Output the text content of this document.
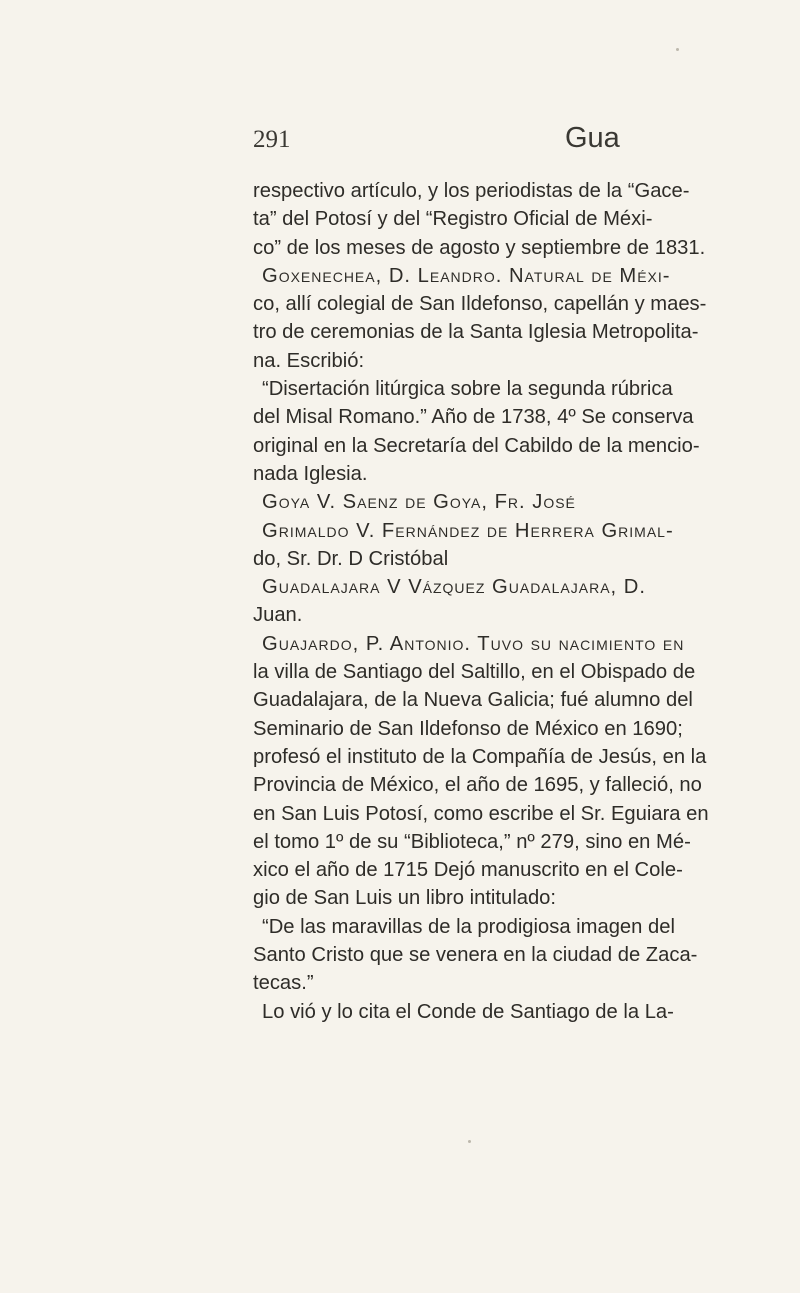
291	Gua
respectivo artículo, y los periodistas de la “Gace-
ta” del Potosí y del “Registro Oficial de Méxi-
co” de los meses de agosto y septiembre de 1831.
Goxenechea, D. Leandro. Natural de Méxi-
co, allí colegial de San Ildefonso, capellán y maes-
tro de ceremonias de la Santa Iglesia Metropolita-
na. Escribió:
“Disertación litúrgica sobre la segunda rúbrica
del Misal Romano.” Año de 1738, 4º Se conserva
original en la Secretaría del Cabildo de la mencio-
nada Iglesia.
Goya V. Saenz de Goya, Fr. José
Grimaldo V. Fernández de Herrera Grimal-
do, Sr. Dr. D Cristóbal
Guadalajara V Vázquez Guadalajara, D.
Juan.
Guajardo, P. Antonio. Tuvo su nacimiento en
la villa de Santiago del Saltillo, en el Obispado de
Guadalajara, de la Nueva Galicia; fué alumno del
Seminario de San Ildefonso de México en 1690;
profesó el instituto de la Compañía de Jesús, en la
Provincia de México, el año de 1695, y falleció, no
en San Luis Potosí, como escribe el Sr. Eguiara en
el tomo 1º de su “Biblioteca,” nº 279, sino en Mé-
xico el año de 1715 Dejó manuscrito en el Cole-
gio de San Luis un libro intitulado:
“De las maravillas de la prodigiosa imagen del
Santo Cristo que se venera en la ciudad de Zaca-
tecas.”
Lo vió y lo cita el Conde de Santiago de la La-
